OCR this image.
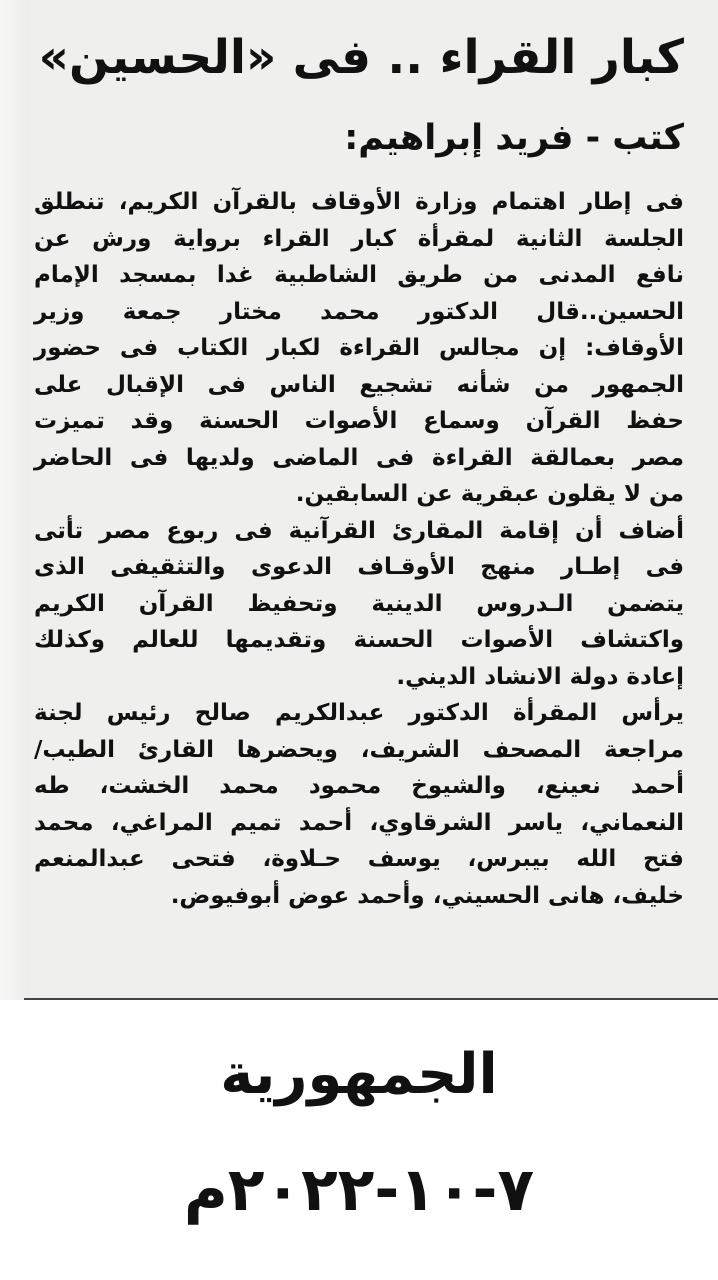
كبار القراء .. فى «الحسين»
كتب - فريد إبراهيم:
فى إطار اهتمام وزارة الأوقاف بالقرآن الكريم، تنطلق
الجلسة الثانية لمقرأة كبار القراء برواية ورش عن
نافع المدنى من طريق الشاطبية غدا بمسجد الإمام
الحسين..قال الدكتور محمد مختار جمعة وزير
الأوقاف: إن مجالس القراءة لكبار الكتاب فى حضور
الجمهور من شأنه تشجيع الناس فى الإقبال على
حفظ القرآن وسماع الأصوات الحسنة وقد تميزت
مصر بعمالقة القراءة فى الماضى ولديها فى الحاضر
من لا يقلون عبقرية عن السابقين.
أضاف أن إقامة المقارئ القرآنية فى ربوع مصر تأتى
فى إطـار منهج الأوقـاف الدعوى والتثقيفى الذى
يتضمن الـدروس الدينية وتحفيظ القرآن الكريم
واكتشاف الأصوات الحسنة وتقديمها للعالم وكذلك
إعادة دولة الانشاد الديني.
يرأس المقرأة الدكتور عبدالكريم صالح رئيس لجنة
مراجعة المصحف الشريف، ويحضرها القارئ الطيب/
أحمد نعينع، والشيوخ محمود محمد الخشت، طه
النعماني، ياسر الشرقاوي، أحمد تميم المراغي، محمد
فتح الله بيبرس، يوسف حـلاوة، فتحى عبدالمنعم
خليف، هانى الحسيني، وأحمد عوض أبوفيوض.
الجمهورية
٧-١٠-٢٠٢٢م
